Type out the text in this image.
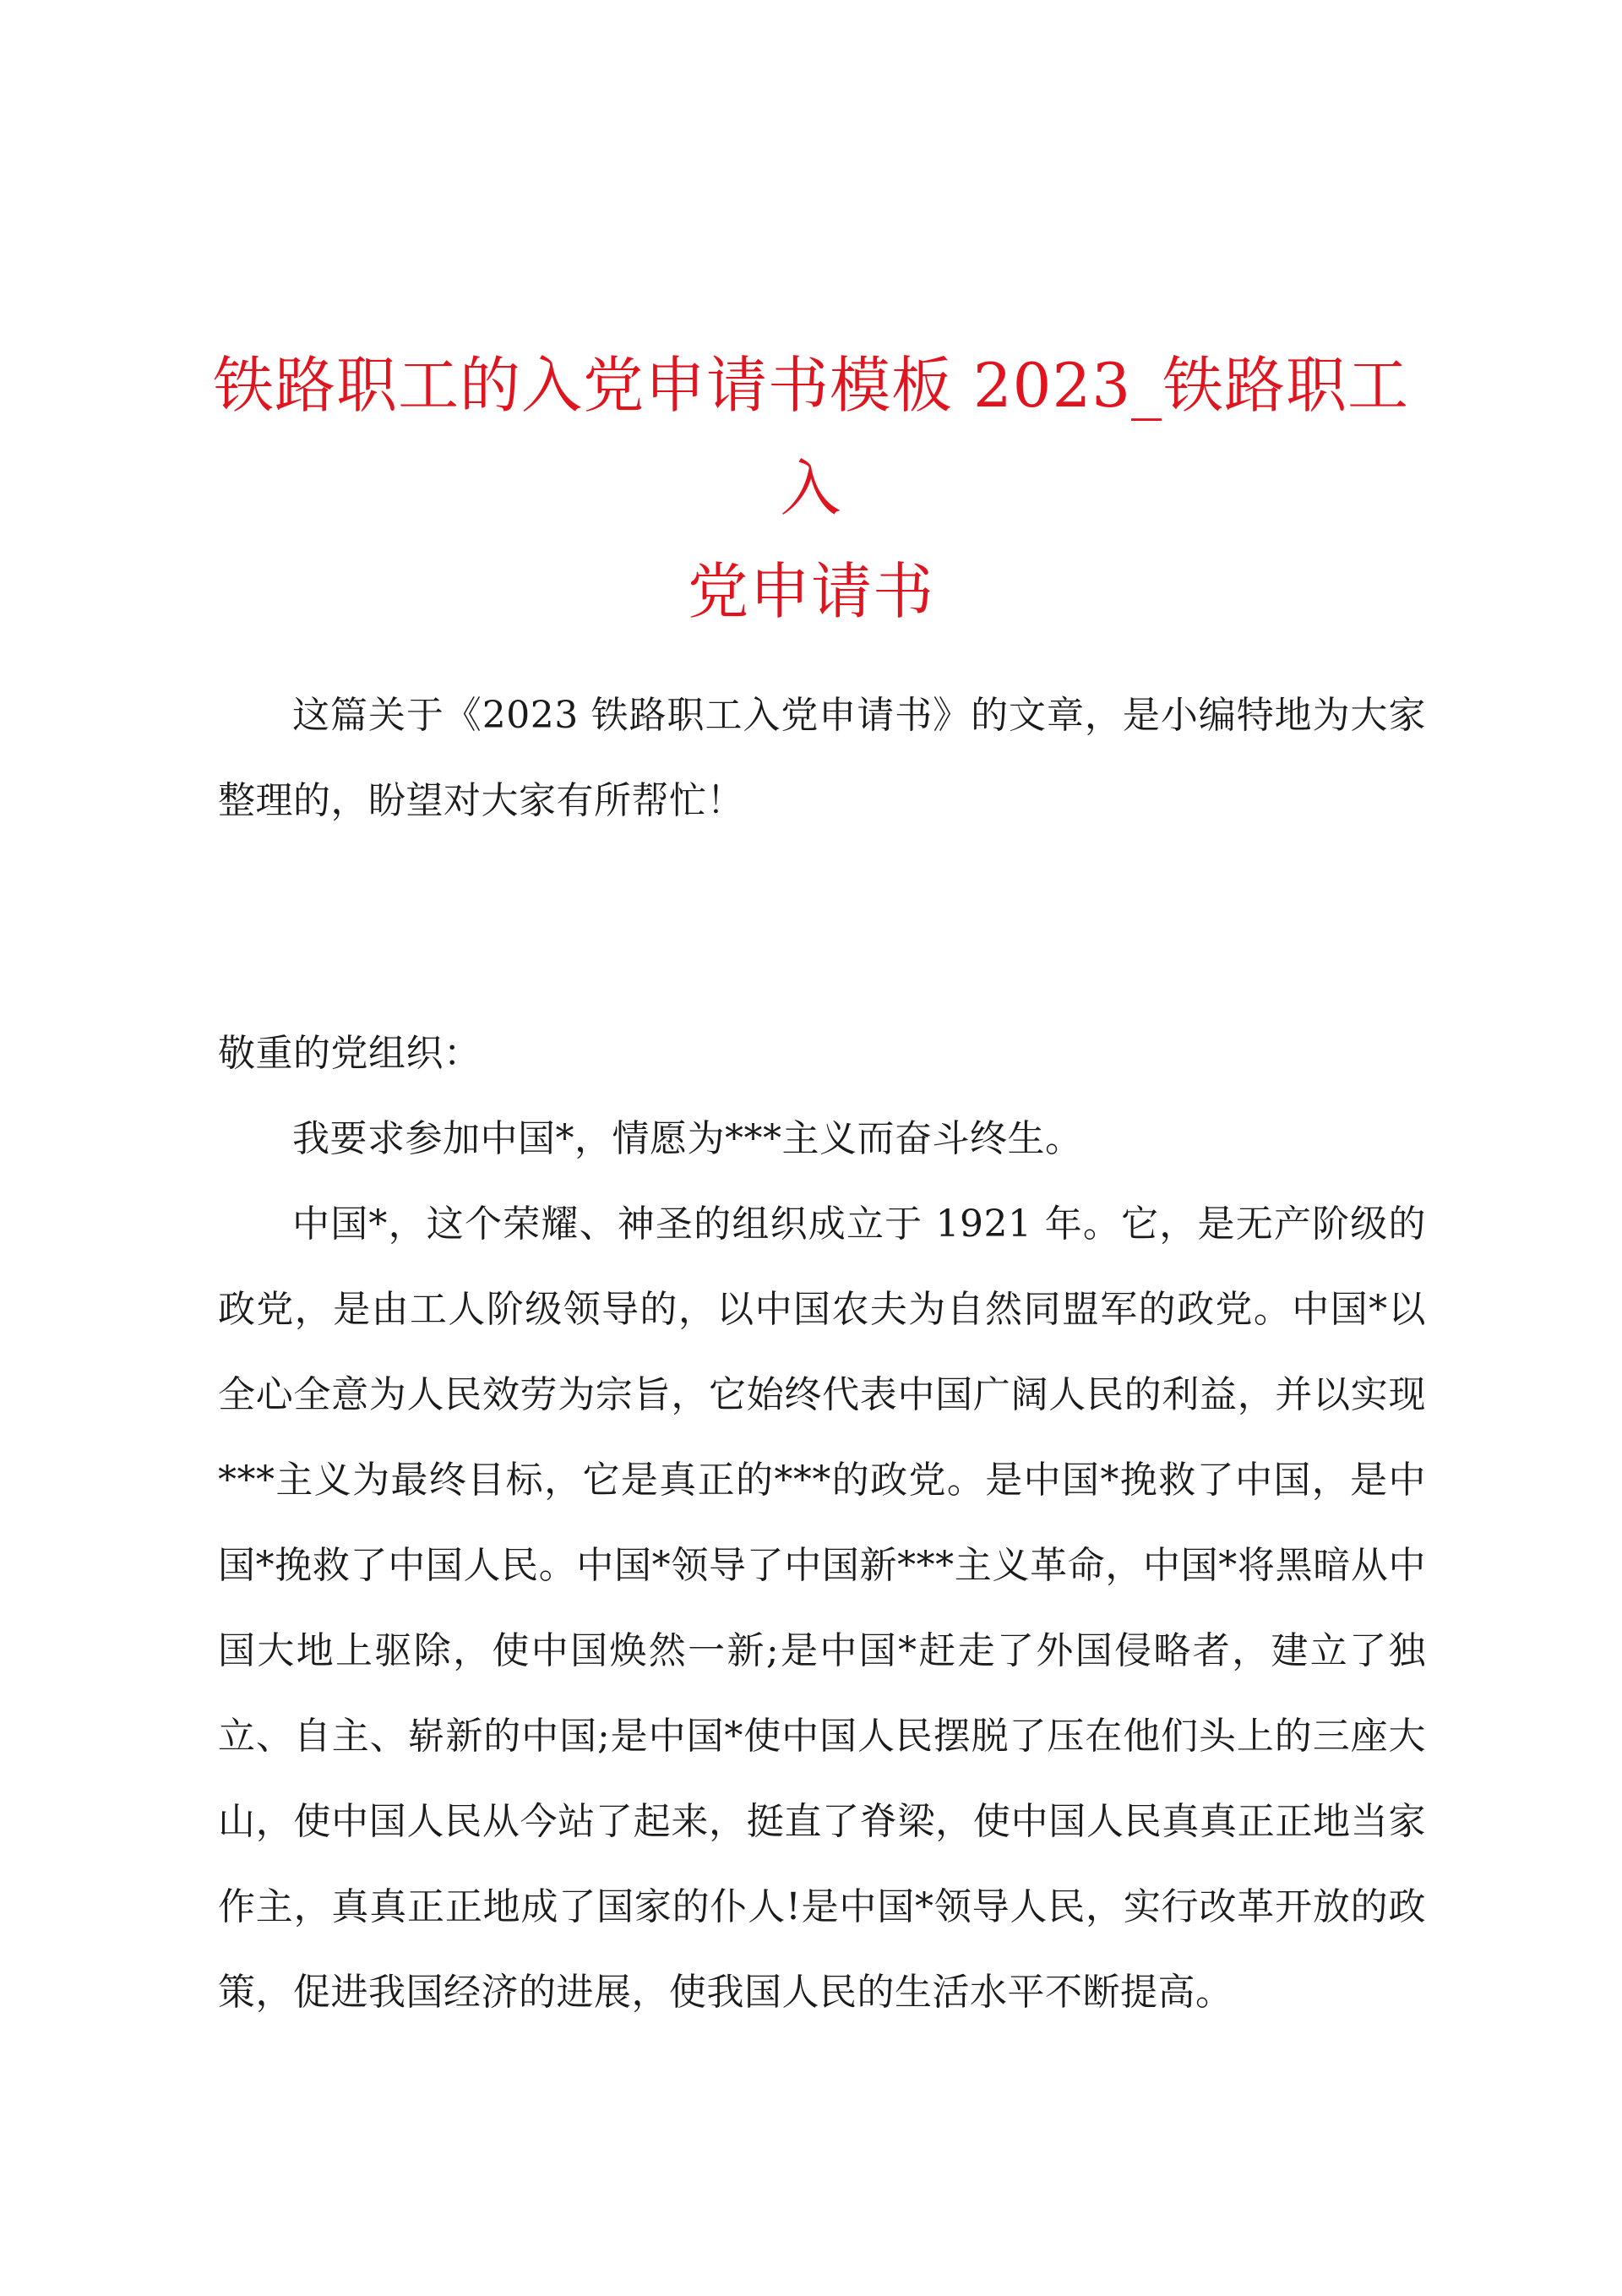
铁路职工的入党申请书模板 2023_铁路职工入
党申请书

这篇关于《2023 铁路职工入党申请书》的文章，是小编特地为大家整理的，盼望对大家有所帮忙！

敬重的党组织：

我要求参加中国*，情愿为***主义而奋斗终生。

中国*，这个荣耀、神圣的组织成立于 1921 年。它，是无产阶级的政党，是由工人阶级领导的，以中国农夫为自然同盟军的政党。中国*以全心全意为人民效劳为宗旨，它始终代表中国广阔人民的利益，并以实现***主义为最终目标，它是真正的***的政党。是中国*挽救了中国，是中国*挽救了中国人民。中国*领导了中国新***主义革命，中国*将黑暗从中国大地上驱除，使中国焕然一新;是中国*赶走了外国侵略者，建立了独立、自主、崭新的中国;是中国*使中国人民摆脱了压在他们头上的三座大山，使中国人民从今站了起来，挺直了脊梁，使中国人民真真正正地当家作主，真真正正地成了国家的仆人!是中国*领导人民，实行改革开放的政策，促进我国经济的进展，使我国人民的生活水平不断提高。
